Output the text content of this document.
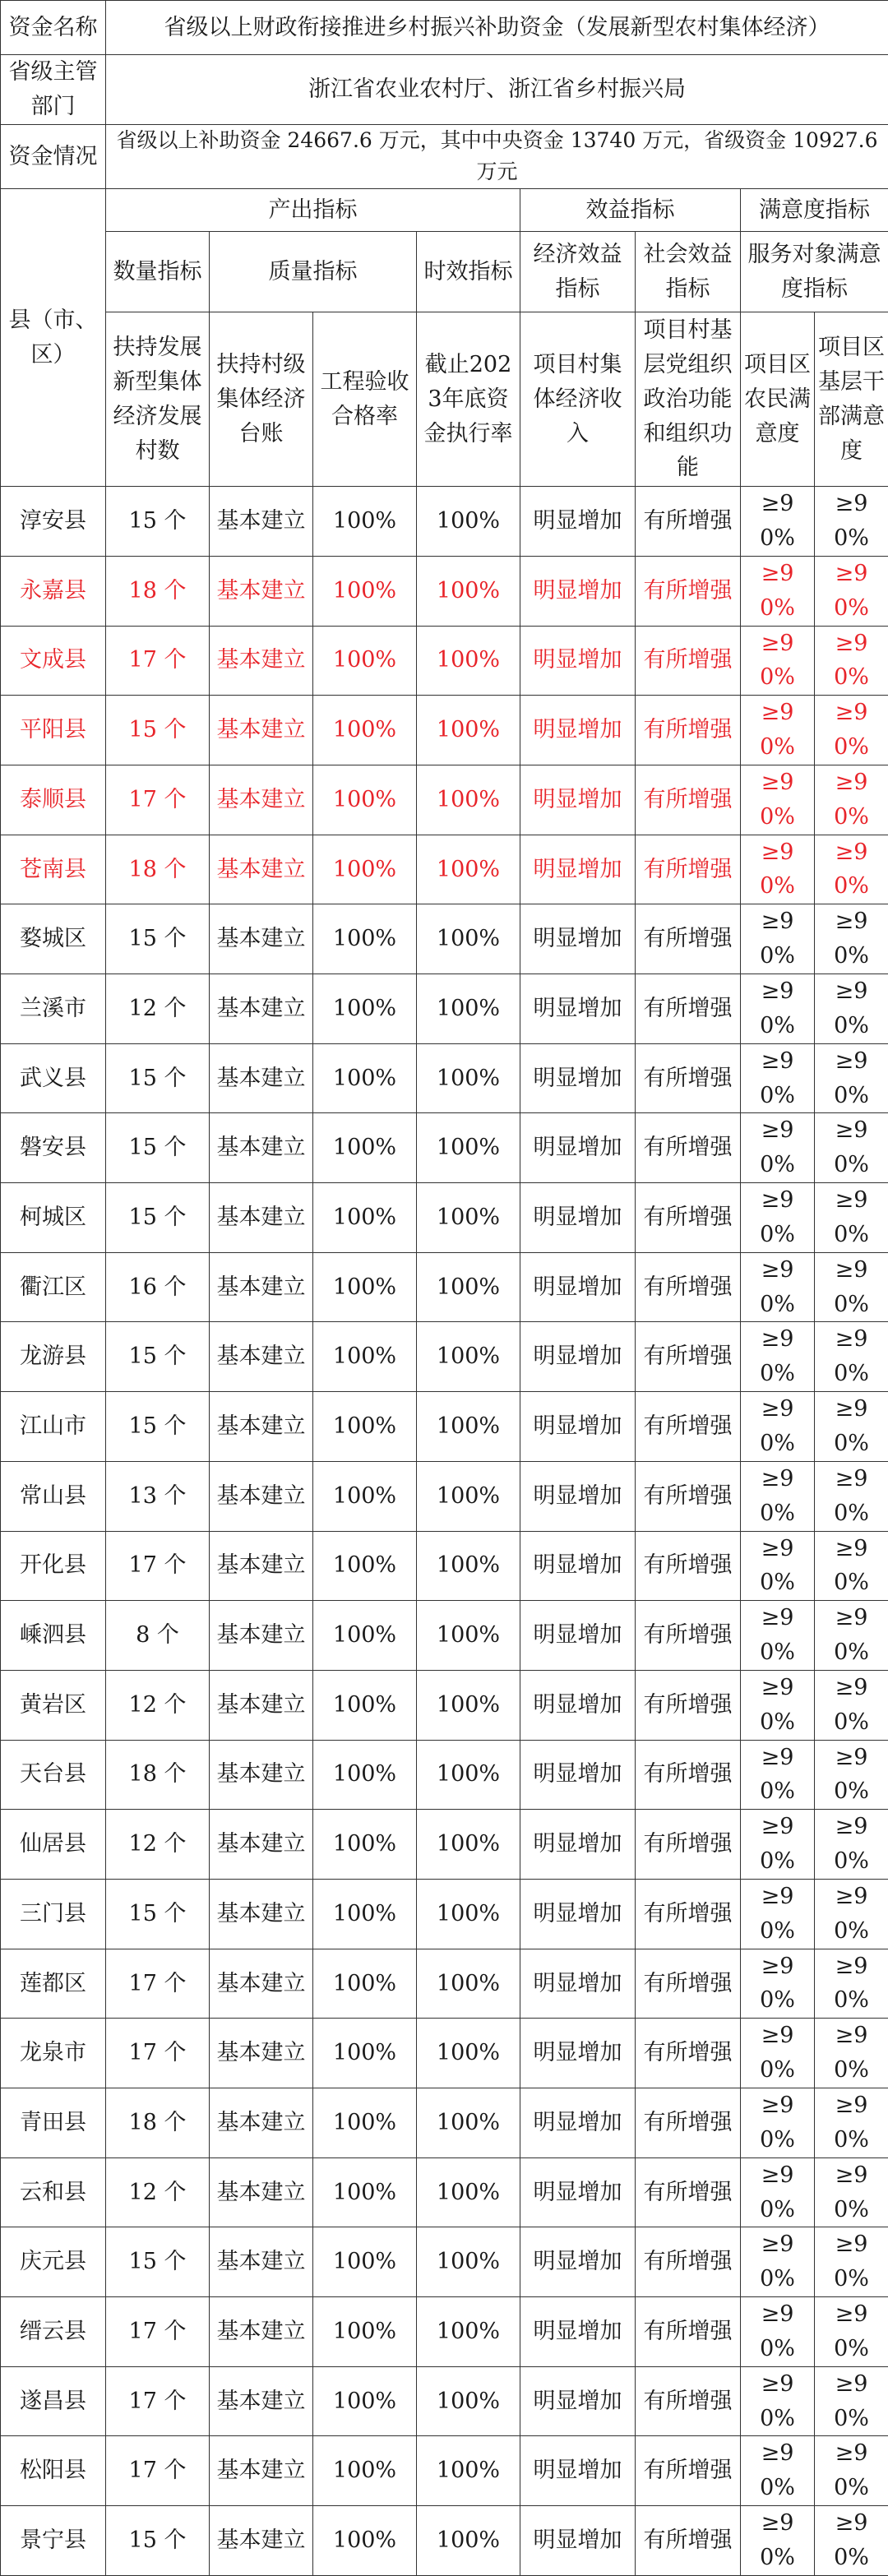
资金名称	省级以上财政衔接推进乡村振兴补助资金（发展新型农村集体经济）							
省级主管部门	浙江省农业农村厅、浙江省乡村振兴局							
资金情况	省级以上补助资金 24667.6 万元，其中中央资金 13740 万元，省级资金 10927.6 万元							
县（市、区）	产出指标				效益指标		满意度指标	
	数量指标	质量指标		时效指标	经济效益指标	社会效益指标	服务对象满意度指标	
	扶持发展新型集体经济发展村数	扶持村级集体经济台账	工程验收合格率	截止2023年底资金执行率	项目村集体经济收入	项目村基层党组织政治功能和组织功能	项目区农民满意度	项目区基层干部满意度

淳安县	15 个	基本建立	100%	100%	明显增加	有所增强	≥90%	≥90%
永嘉县	18 个	基本建立	100%	100%	明显增加	有所增强	≥90%	≥90%
文成县	17 个	基本建立	100%	100%	明显增加	有所增强	≥90%	≥90%
平阳县	15 个	基本建立	100%	100%	明显增加	有所增强	≥90%	≥90%
泰顺县	17 个	基本建立	100%	100%	明显增加	有所增强	≥90%	≥90%
苍南县	18 个	基本建立	100%	100%	明显增加	有所增强	≥90%	≥90%
婺城区	15 个	基本建立	100%	100%	明显增加	有所增强	≥90%	≥90%
兰溪市	12 个	基本建立	100%	100%	明显增加	有所增强	≥90%	≥90%
武义县	15 个	基本建立	100%	100%	明显增加	有所增强	≥90%	≥90%
磐安县	15 个	基本建立	100%	100%	明显增加	有所增强	≥90%	≥90%
柯城区	15 个	基本建立	100%	100%	明显增加	有所增强	≥90%	≥90%
衢江区	16 个	基本建立	100%	100%	明显增加	有所增强	≥90%	≥90%
龙游县	15 个	基本建立	100%	100%	明显增加	有所增强	≥90%	≥90%
江山市	15 个	基本建立	100%	100%	明显增加	有所增强	≥90%	≥90%
常山县	13 个	基本建立	100%	100%	明显增加	有所增强	≥90%	≥90%
开化县	17 个	基本建立	100%	100%	明显增加	有所增强	≥90%	≥90%
嵊泗县	8 个	基本建立	100%	100%	明显增加	有所增强	≥90%	≥90%
黄岩区	12 个	基本建立	100%	100%	明显增加	有所增强	≥90%	≥90%
天台县	18 个	基本建立	100%	100%	明显增加	有所增强	≥90%	≥90%
仙居县	12 个	基本建立	100%	100%	明显增加	有所增强	≥90%	≥90%
三门县	15 个	基本建立	100%	100%	明显增加	有所增强	≥90%	≥90%
莲都区	17 个	基本建立	100%	100%	明显增加	有所增强	≥90%	≥90%
龙泉市	17 个	基本建立	100%	100%	明显增加	有所增强	≥90%	≥90%
青田县	18 个	基本建立	100%	100%	明显增加	有所增强	≥90%	≥90%
云和县	12 个	基本建立	100%	100%	明显增加	有所增强	≥90%	≥90%
庆元县	15 个	基本建立	100%	100%	明显增加	有所增强	≥90%	≥90%
缙云县	17 个	基本建立	100%	100%	明显增加	有所增强	≥90%	≥90%
遂昌县	17 个	基本建立	100%	100%	明显增加	有所增强	≥90%	≥90%
松阳县	17 个	基本建立	100%	100%	明显增加	有所增强	≥90%	≥90%
景宁县	15 个	基本建立	100%	100%	明显增加	有所增强	≥90%	≥90%
